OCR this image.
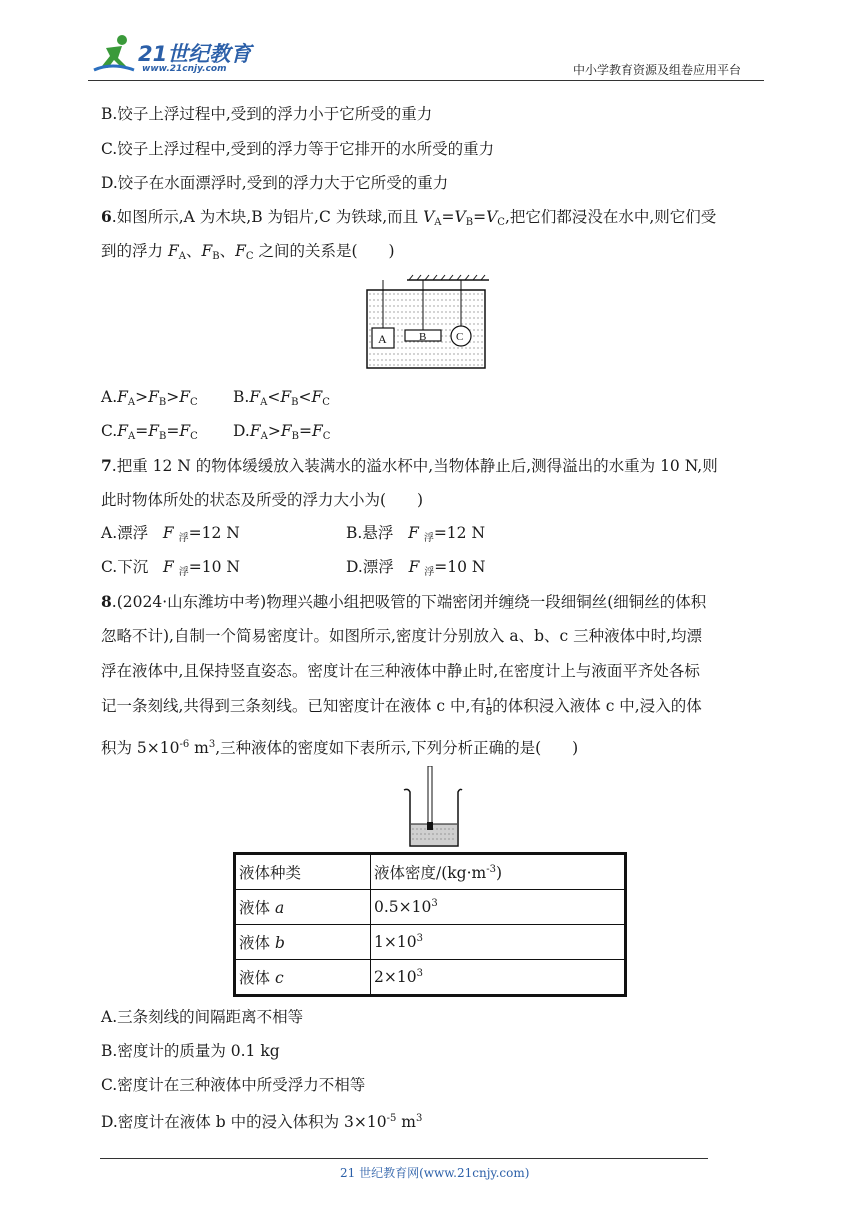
21世纪教育
www.21cnjy.com	中小学教育资源及组卷应用平台
B.饺子上浮过程中,受到的浮力小于它所受的重力
C.饺子上浮过程中,受到的浮力等于它排开的水所受的重力
D.饺子在水面漂浮时,受到的浮力大于它所受的重力
6.如图所示,A 为木块,B 为铝片,C 为铁球,而且 $V_A=V_B=V_C$,把它们都浸没在水中,则它们受
到的浮力 $F_A$、$F_B$、$F_C$ 之间的关系是(　　)
A	B	C
$A.F_A>F_B>F_C$ $B.F_A<F_B<F_C$
$C.F_A=F_B=F_C$ $D.F_A>F_B=F_C$
7.把重 12 N 的物体缓缓放入装满水的溢水杯中,当物体静止后,测得溢出的水重为 10 N,则
此时物体所处的状态及所受的浮力大小为(　　)
A.漂浮 F $_浮$=12 N	B.悬浮 F $_浮$=12 N
C.下沉 F $_浮$=10 N	D.漂浮 F $_浮$=10 N
8.(2024·山东潍坊中考)物理兴趣小组把吸管的下端密闭并缠绕一段细铜丝(细铜丝的体积
忽略不计),自制一个简易密度计。如图所示,密度计分别放入 a、b、c 三种液体中时,均漂
浮在液体中,且保持竖直姿态。密度计在三种液体中静止时,在密度计上与液面平齐处各标
记一条刻线,共得到三条刻线。已知密度计在液体 c 中,有 $\frac{1}{8}$ 的体积浸入液体 c 中,浸入的体
积为 $5\times 10^{-6}$ $m^3$,三种液体的密度如下表所示,下列分析正确的是(　　)
液体种类	液体密度$/(kg\cdot m^{-3})$
液体 a	$0.5\times 10^3$
液体 b	$1\times 10^3$
液体 c	$2\times 10^3$
A.三条刻线的间隔距离不相等
B.密度计的质量为 0.1 kg
C.密度计在三种液体中所受浮力不相等
D.密度计在液体 b 中的浸入体积为 $3\times 10^{-5}$ $m^3$
21 世纪教育网(www.21cnjy.com)
